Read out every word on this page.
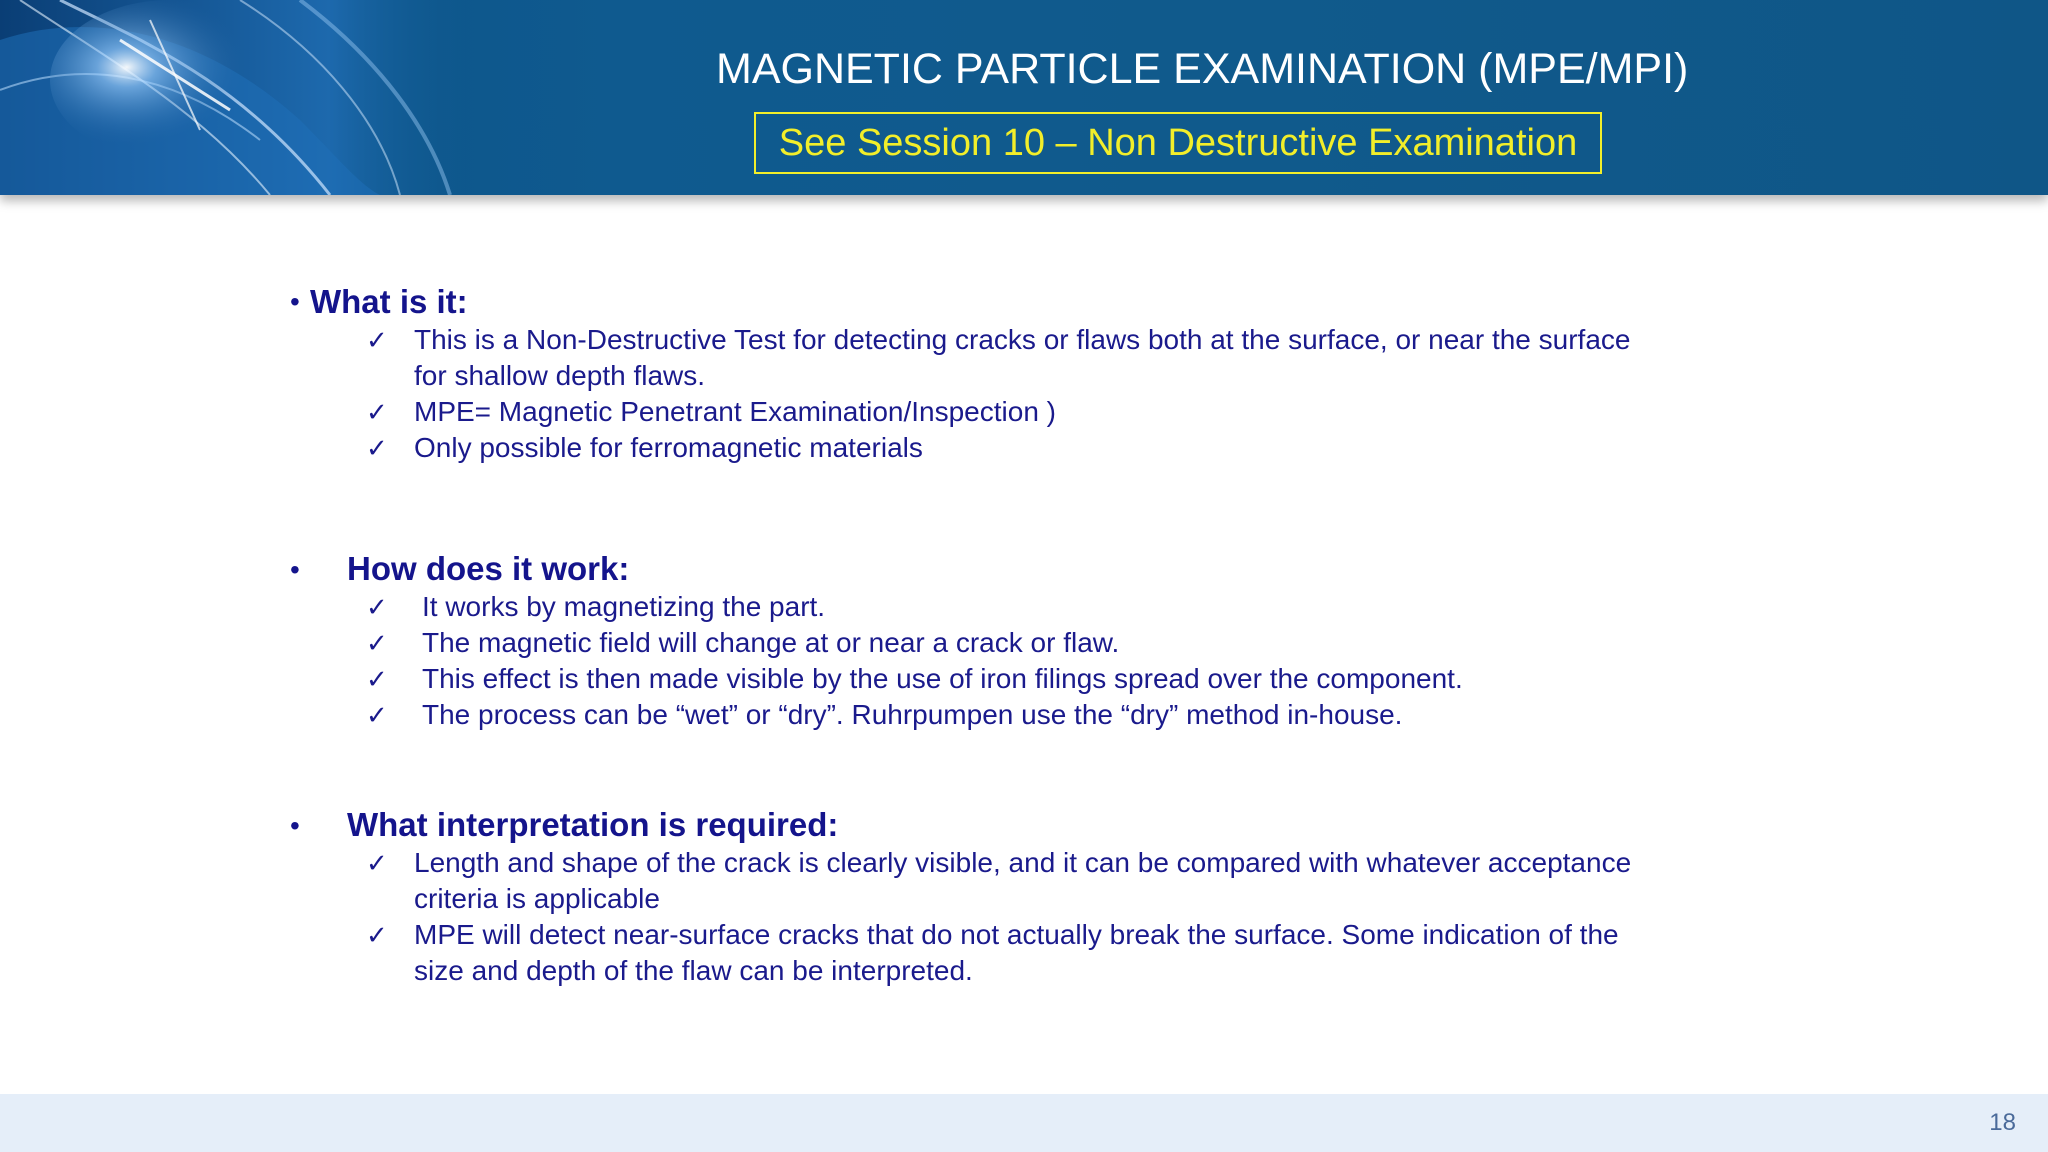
MAGNETIC PARTICLE EXAMINATION (MPE/MPI)
See Session 10 – Non Destructive Examination
• What is it:
✓ This is a Non-Destructive Test for detecting cracks or flaws both at the surface, or near the surface
for shallow depth flaws.
✓ MPE= Magnetic Penetrant Examination/Inspection )
✓ Only possible for ferromagnetic materials
• How does it work:
✓ It works by magnetizing the part.
✓ The magnetic field will change at or near a crack or flaw.
✓ This effect is then made visible by the use of iron filings spread over the component.
✓ The process can be “wet” or “dry”. Ruhrpumpen use the “dry” method in-house.
• What interpretation is required:
✓ Length and shape of the crack is clearly visible, and it can be compared with whatever acceptance
criteria is applicable
✓ MPE will detect near-surface cracks that do not actually break the surface. Some indication of the
size and depth of the flaw can be interpreted.
18
